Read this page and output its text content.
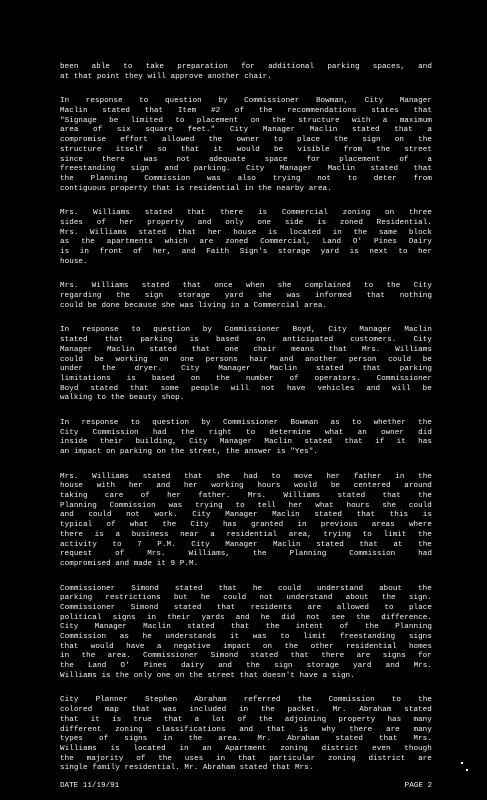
been able to take preparation for additional parking spaces, and
at that point they will approve another chair.
In response to question by Commissioner Bowman, City Manager
Maclin stated that Item #2 of the recommendations states that
"Signage be limited to placement on the structure with a maximum
area of six square feet." City Manager Maclin stated that a
compromise effort allowed the owner to place the sign on the
structure itself so that it would be visible from the street
since there was not adequate space for placement of a
freestanding sign and parking. City Manager Maclin stated that
the Planning Commission was also trying not to deter from
contiguous property that is residential in the nearby area.
Mrs. Williams stated that there is Commercial zoning on three
sides of her property and only one side is zoned Residential.
Mrs. Williams stated that her house is located in the same block
as the apartments which are zoned Commercial, Land O' Pines Dairy
is in front of her, and Faith Sign's storage yard is next to her
house.
Mrs. Williams stated that once when she complained to the City
regarding the sign storage yard she was informed that nothing
could be done because she was living in a Commercial area.
In response to question by Commissioner Boyd, City Manager Maclin
stated that parking is based on anticipated customers. City
Manager Maclin stated that one chair means that Mrs. Williams
could be working on one persons hair and another person could be
under the dryer. City Manager Maclin stated that parking
limitations is based on the number of operators. Commissioner
Boyd stated that some people will not have vehicles and will be
walking to the beauty shop.
In response to question by Commissioner Bowman as to whether the
City Commission had the right to determine what an owner did
inside their building, City Manager Maclin stated that if it has
an impact on parking on the street, the answer is "Yes".
Mrs. Williams stated that she had to move her father in the
house with her and her working hours would be centered around
taking care of her father. Mrs. Williams stated that the
Planning Commission was trying to tell her what hours she could
and could not work. City Manager Maclin stated that this is
typical of what the City has granted in previous areas where
there is a business near a residential area, trying to limit the
activity to 7 P.M. City Manager Maclin stated that at the
request	of	Mrs.	Williams,	the	Planning	Commission	had
compromised and made it 9 P.M.
Commissioner Simond stated that he could understand about the
parking restrictions but he could not understand about the sign.
Commissioner Simond stated that residents are allowed to place
political signs in their yards and he did not see the difference.
City Manager Maclin stated that the intent of the Planning
Commission as he understands it was to limit freestanding signs
that would have a negative impact on the other residential homes
in the area. Commissioner Simond stated that there are signs for
the Land O' Pines dairy and the sign storage yard and Mrs.
Williams is the only one on the street that doesn't have a sign.
City Planner Stephen Abraham referred the Commission to the
colored map that was included in the packet. Mr. Abraham stated
that it is true that a lot of the adjoining property has many
different zoning classifications and that is why there are many
types of signs in the area. Mr. Abraham stated that Mrs.
Williams is located in an Apartment zoning district even though
the majority of the uses in that particular zoning district are
single family residential. Mr. Abraham stated that Mrs.
DATE 11/19/91	PAGE 2
